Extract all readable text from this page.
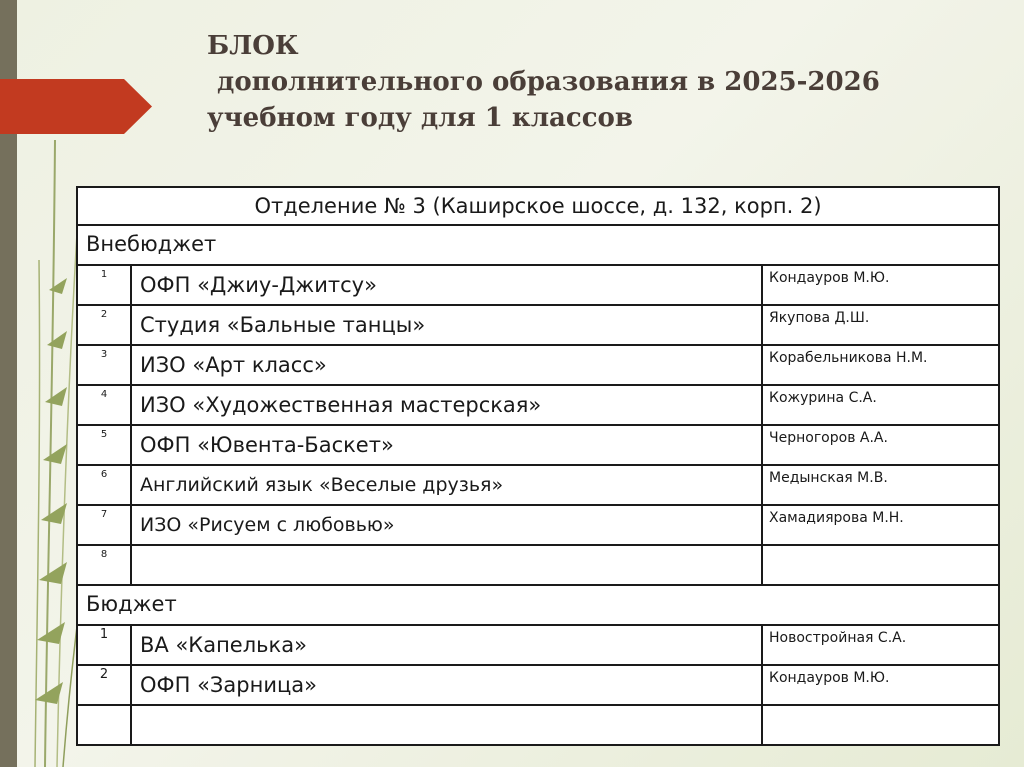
БЛОК
дополнительного образования в 2025-2026
учебном году для 1 классов
Отделение № 3 (Каширское шоссе, д. 132, корп. 2)		
Внебюджет		
1	ОФП «Джиу-Джитсу»	Кондауров М.Ю.
2	Студия «Бальные танцы»	Якупова Д.Ш.
3	ИЗО «Арт класс»	Корабельникова Н.М.
4	ИЗО «Художественная мастерская»	Кожурина С.А.
5	ОФП «Ювента-Баскет»	Черногоров А.А.
6	Английский язык «Веселые друзья»	Медынская М.В.
7	ИЗО «Рисуем с любовью»	Хамадиярова М.Н.
8		
Бюджет		
1	ВА «Капелька»	Новостройная С.А.
2	ОФП «Зарница»	Кондауров М.Ю.
